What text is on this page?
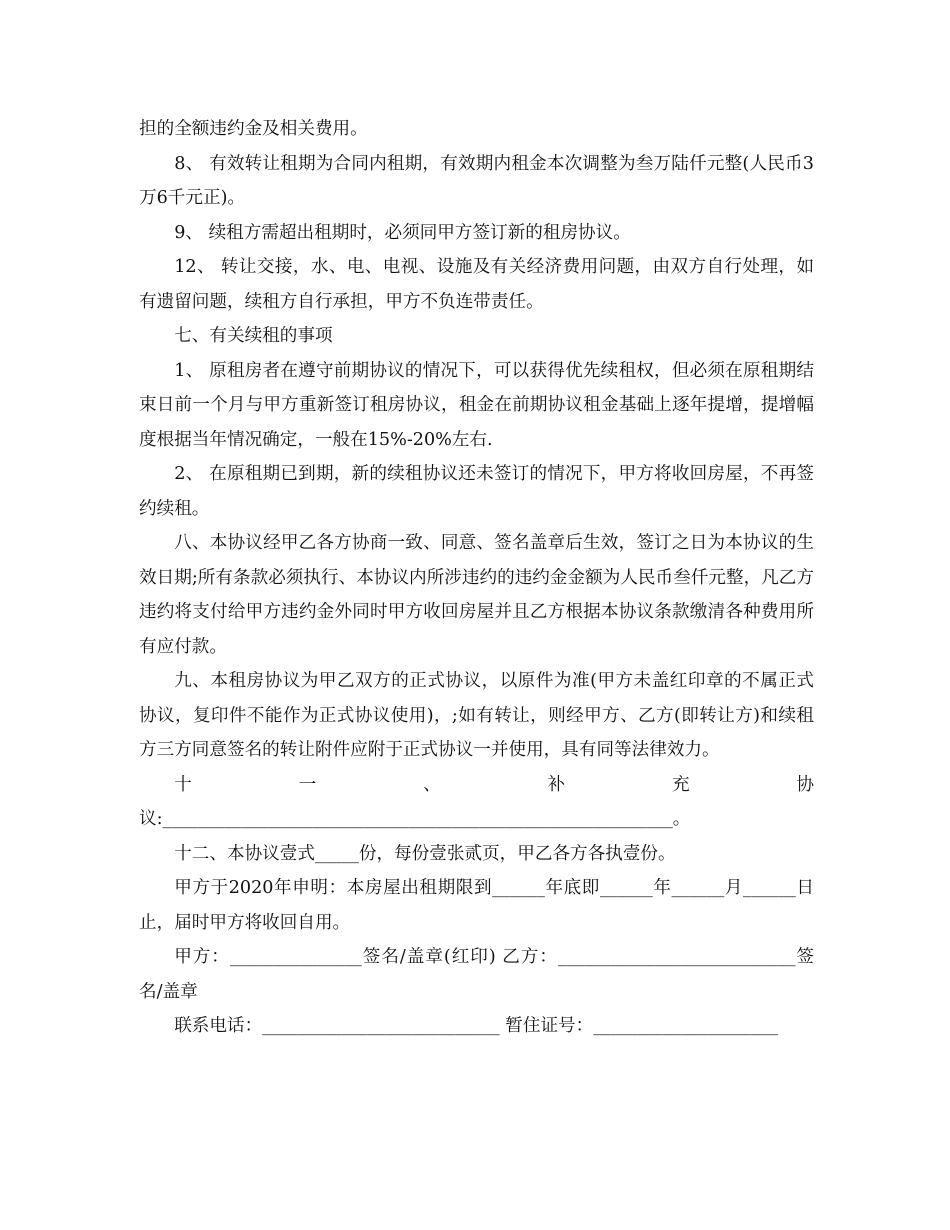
担的全额违约金及相关费用。

8、 有效转让租期为合同内租期，有效期内租金本次调整为叁万陆仟元整(人民币3万6千元正)。

9、 续租方需超出租期时，必须同甲方签订新的租房协议。

12、 转让交接，水、电、电视、设施及有关经济费用问题，由双方自行处理，如有遗留问题，续租方自行承担，甲方不负连带责任。

七、有关续租的事项

1、 原租房者在遵守前期协议的情况下，可以获得优先续租权，但必须在原租期结束日前一个月与甲方重新签订租房协议，租金在前期协议租金基础上逐年提增，提增幅度根据当年情况确定，一般在15%-20%左右.

2、 在原租期已到期，新的续租协议还未签订的情况下，甲方将收回房屋，不再签约续租。

八、本协议经甲乙各方协商一致、同意、签名盖章后生效，签订之日为本协议的生效日期;所有条款必须执行、本协议内所涉违约的违约金金额为人民币叁仟元整，凡乙方违约将支付给甲方违约金外同时甲方收回房屋并且乙方根据本协议条款缴清各种费用所有应付款。

九、本租房协议为甲乙双方的正式协议，以原件为准(甲方未盖红印章的不属正式协议，复印件不能作为正式协议使用)，;如有转让，则经甲方、乙方(即转让方)和续租方三方同意签名的转让附件应附于正式协议一并使用，具有同等法律效力。

十一、补充协议:__________________________________________________________。

十二、本协议壹式_____份，每份壹张贰页，甲乙各方各执壹份。

甲方于2020年申明：本房屋出租期限到______年底即______年______月______日止，届时甲方将收回自用。

甲方：_______________签名/盖章(红印) 乙方：___________________________签名/盖章

联系电话：___________________________ 暂住证号：_____________________
